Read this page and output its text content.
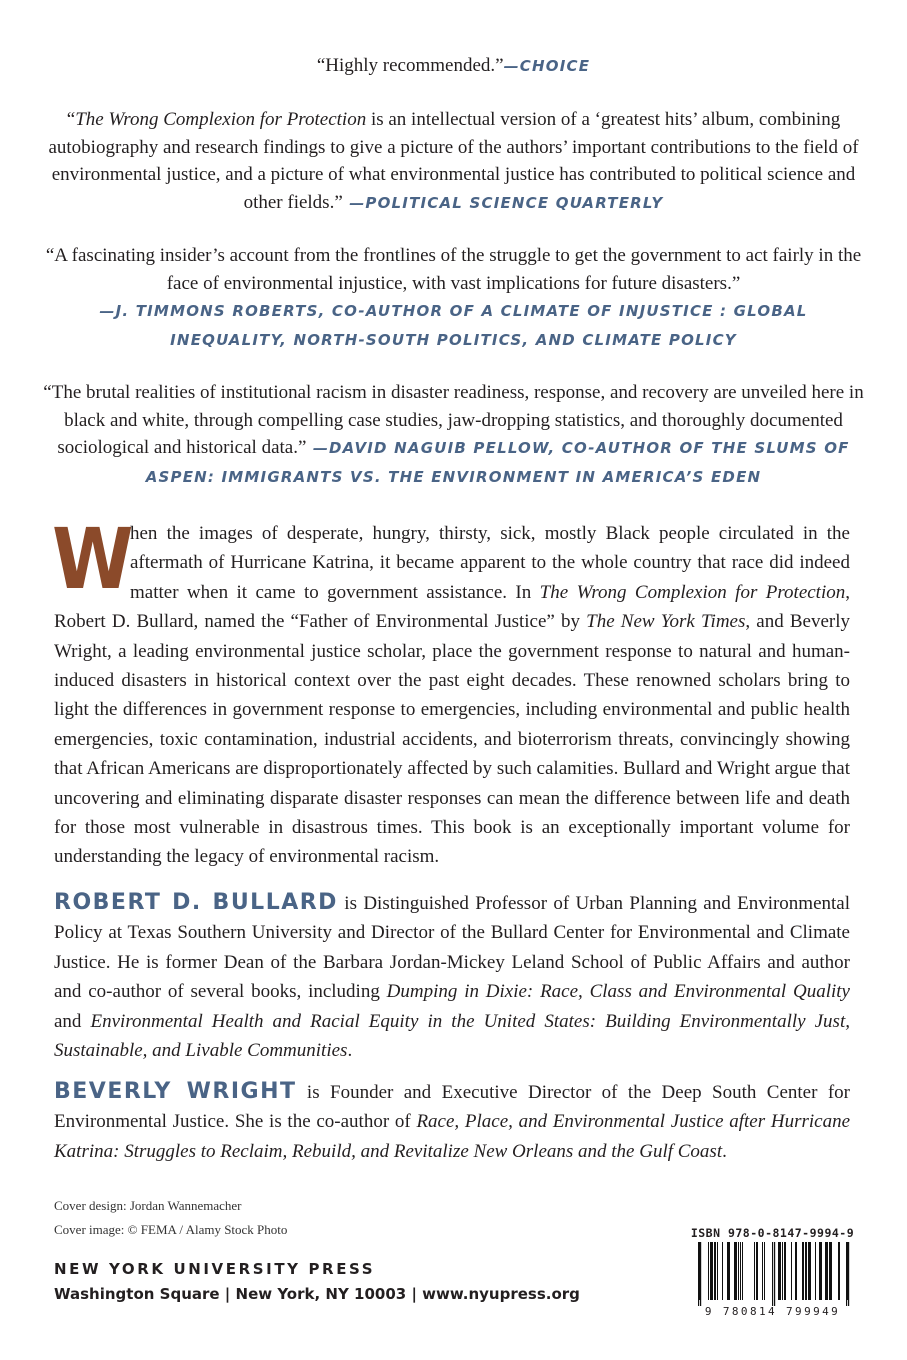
“Highly recommended.”—CHOICE
“The Wrong Complexion for Protection is an intellectual version of a ‘greatest hits’ album, combining autobiography and research findings to give a picture of the authors’ important contributions to the field of environmental justice, and a picture of what environmental justice has contributed to political science and other fields.” —POLITICAL SCIENCE QUARTERLY
“A fascinating insider’s account from the frontlines of the struggle to get the government to act fairly in the face of environmental injustice, with vast implications for future disasters.”
—J. TIMMONS ROBERTS, CO-AUTHOR OF A CLIMATE OF INJUSTICE : GLOBAL INEQUALITY, NORTH-SOUTH POLITICS, AND CLIMATE POLICY
“The brutal realities of institutional racism in disaster readiness, response, and recovery are unveiled here in black and white, through compelling case studies, jaw-dropping statistics, and thoroughly documented sociological and historical data.” —DAVID NAGUIB PELLOW, CO-AUTHOR OF THE SLUMS OF ASPEN: IMMIGRANTS VS. THE ENVIRONMENT IN AMERICA’S EDEN
W
hen the images of desperate, hungry, thirsty, sick, mostly Black people circulated in the aftermath of Hurricane Katrina, it became apparent to the whole country that race did indeed matter when it came to government assistance. In The Wrong Complexion for Protection, Robert D. Bullard, named the “Father of Environmental Justice” by The New York Times, and Beverly Wright, a leading environmental justice scholar, place the government response to natural and human-induced disasters in historical context over the past eight decades. These renowned scholars bring to light the differences in government response to emergencies, including environmental and public health emergencies, toxic contamination, industrial accidents, and bioterrorism threats, convincingly showing that African Americans are disproportionately affected by such calamities. Bullard and Wright argue that uncovering and eliminating disparate disaster responses can mean the difference between life and death for those most vulnerable in disastrous times. This book is an exceptionally important volume for understanding the legacy of environmental racism.
ROBERT D. BULLARD is Distinguished Professor of Urban Planning and Environmental Policy at Texas Southern University and Director of the Bullard Center for Environmental and Climate Justice. He is former Dean of the Barbara Jordan-Mickey Leland School of Public Affairs and author and co-author of several books, including Dumping in Dixie: Race, Class and Environmental Quality and Environmental Health and Racial Equity in the United States: Building Environmentally Just, Sustainable, and Livable Communities.
BEVERLY WRIGHT is Founder and Executive Director of the Deep South Center for Environmental Justice. She is the co-author of Race, Place, and Environmental Justice after Hurricane Katrina: Struggles to Reclaim, Rebuild, and Revitalize New Orleans and the Gulf Coast.
Cover design: Jordan Wannemacher
Cover image: © FEMA / Alamy Stock Photo
NEW YORK UNIVERSITY PRESS
Washington Square | New York, NY 10003 | www.nyupress.org
ISBN 978-0-8147-9994-9
9 780814 799949
